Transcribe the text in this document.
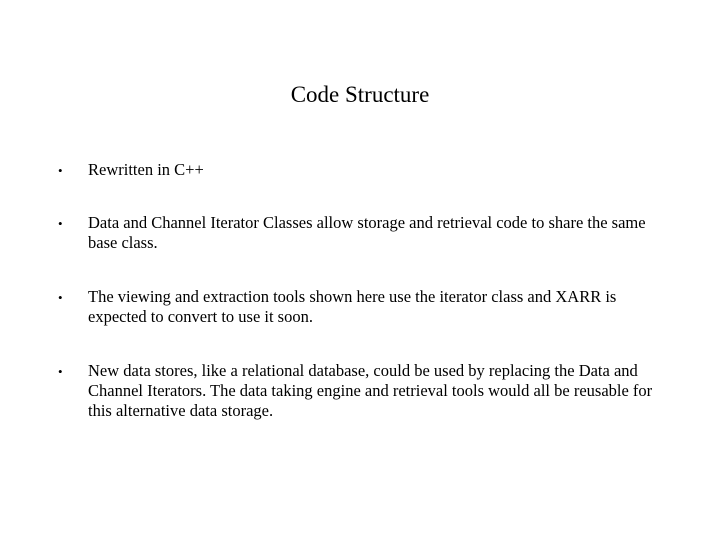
Code Structure
• Rewritten in C++
• Data and Channel Iterator Classes allow storage and retrieval code to share the same base class.
• The viewing and extraction tools shown here use the iterator class and XARR is expected to convert to use it soon.
• New data stores, like a relational database, could be used by replacing the Data and Channel Iterators. The data taking engine and retrieval tools would all be reusable for this alternative data storage.
